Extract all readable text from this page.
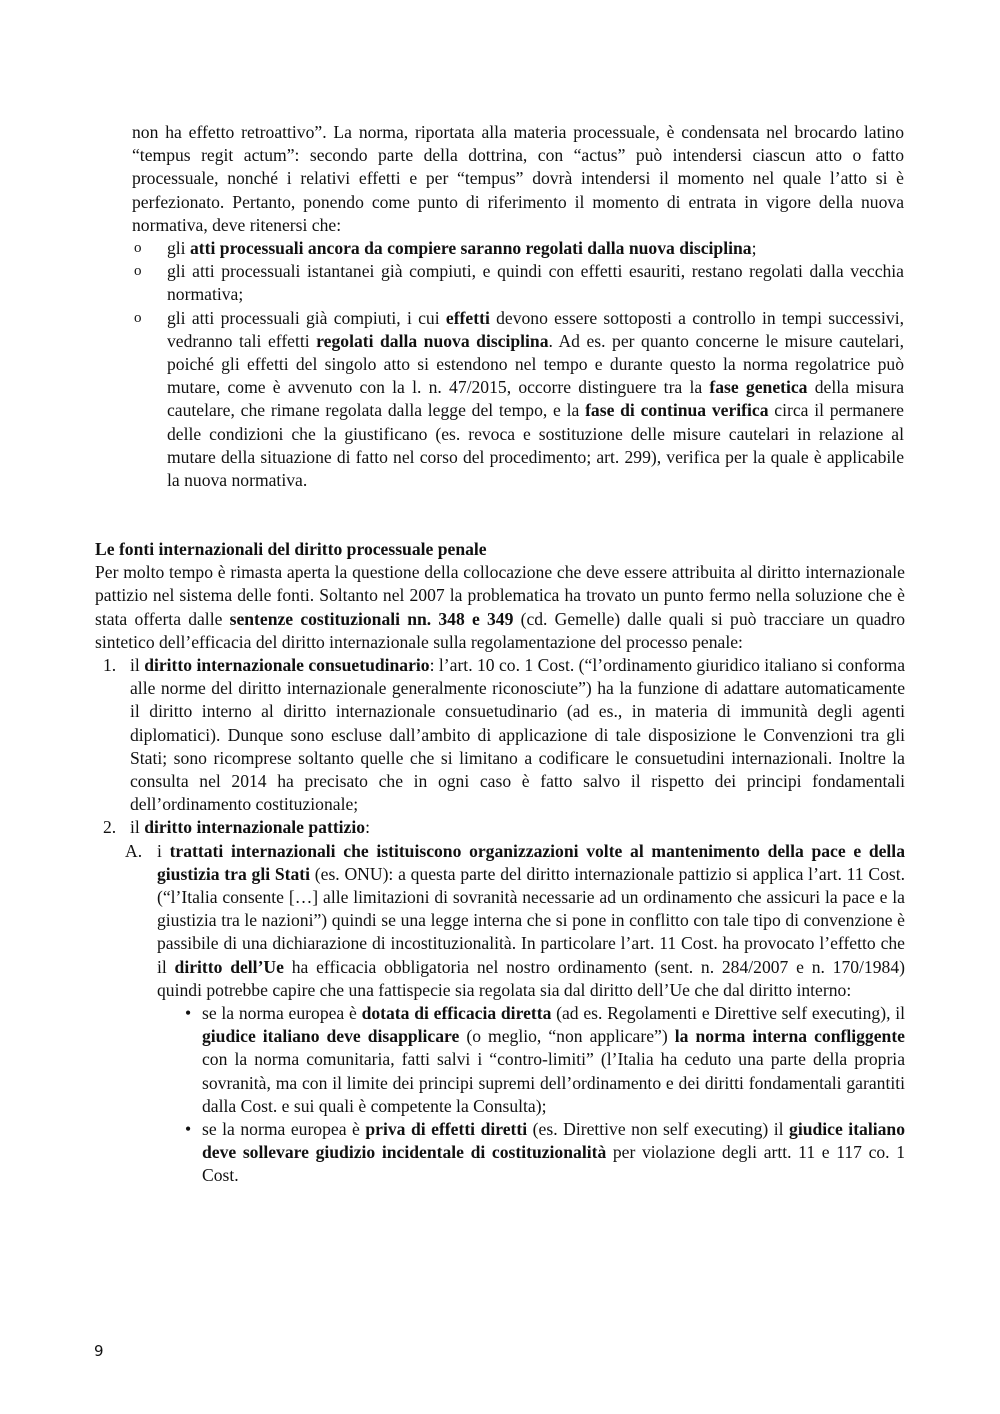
non ha effetto retroattivo”. La norma, riportata alla materia processuale, è condensata nel brocardo latino “tempus regit actum”: secondo parte della dottrina, con “actus” può intendersi ciascun atto o fatto processuale, nonché i relativi effetti e per “tempus” dovrà intendersi il momento nel quale l’atto si è perfezionato. Pertanto, ponendo come punto di riferimento il momento di entrata in vigore della nuova normativa, deve ritenersi che:

o gli atti processuali ancora da compiere saranno regolati dalla nuova disciplina;

o gli atti processuali istantanei già compiuti, e quindi con effetti esauriti, restano regolati dalla vecchia normativa;

o gli atti processuali già compiuti, i cui effetti devono essere sottoposti a controllo in tempi successivi, vedranno tali effetti regolati dalla nuova disciplina. Ad es. per quanto concerne le misure cautelari, poiché gli effetti del singolo atto si estendono nel tempo e durante questo la norma regolatrice può mutare, come è avvenuto con la l. n. 47/2015, occorre distinguere tra la fase genetica della misura cautelare, che rimane regolata dalla legge del tempo, e la fase di continua verifica circa il permanere delle condizioni che la giustificano (es. revoca e sostituzione delle misure cautelari in relazione al mutare della situazione di fatto nel corso del procedimento; art. 299), verifica per la quale è applicabile la nuova normativa.

Le fonti internazionali del diritto processuale penale

Per molto tempo è rimasta aperta la questione della collocazione che deve essere attribuita al diritto internazionale pattizio nel sistema delle fonti. Soltanto nel 2007 la problematica ha trovato un punto fermo nella soluzione che è stata offerta dalle sentenze costituzionali nn. 348 e 349 (cd. Gemelle) dalle quali si può tracciare un quadro sintetico dell’efficacia del diritto internazionale sulla regolamentazione del processo penale:

1. il diritto internazionale consuetudinario: l’art. 10 co. 1 Cost. (“l’ordinamento giuridico italiano si conforma alle norme del diritto internazionale generalmente riconosciute”) ha la funzione di adattare automaticamente il diritto interno al diritto internazionale consuetudinario (ad es., in materia di immunità degli agenti diplomatici). Dunque sono escluse dall’ambito di applicazione di tale disposizione le Convenzioni tra gli Stati; sono ricomprese soltanto quelle che si limitano a codificare le consuetudini internazionali. Inoltre la consulta nel 2014 ha precisato che in ogni caso è fatto salvo il rispetto dei principi fondamentali dell’ordinamento costituzionale;

2. il diritto internazionale pattizio:

A. i trattati internazionali che istituiscono organizzazioni volte al mantenimento della pace e della giustizia tra gli Stati (es. ONU): a questa parte del diritto internazionale pattizio si applica l’art. 11 Cost. (“l’Italia consente […] alle limitazioni di sovranità necessarie ad un ordinamento che assicuri la pace e la giustizia tra le nazioni”) quindi se una legge interna che si pone in conflitto con tale tipo di convenzione è passibile di una dichiarazione di incostituzionalità. In particolare l’art. 11 Cost. ha provocato l’effetto che il diritto dell’Ue ha efficacia obbligatoria nel nostro ordinamento (sent. n. 284/2007 e n. 170/1984) quindi potrebbe capire che una fattispecie sia regolata sia dal diritto dell’Ue che dal diritto interno:

• se la norma europea è dotata di efficacia diretta (ad es. Regolamenti e Direttive self executing), il giudice italiano deve disapplicare (o meglio, “non applicare”) la norma interna confliggente con la norma comunitaria, fatti salvi i “contro-limiti” (l’Italia ha ceduto una parte della propria sovranità, ma con il limite dei principi supremi dell’ordinamento e dei diritti fondamentali garantiti dalla Cost. e sui quali è competente la Consulta);

• se la norma europea è priva di effetti diretti (es. Direttive non self executing) il giudice italiano deve sollevare giudizio incidentale di costituzionalità per violazione degli artt. 11 e 117 co. 1 Cost.

9
